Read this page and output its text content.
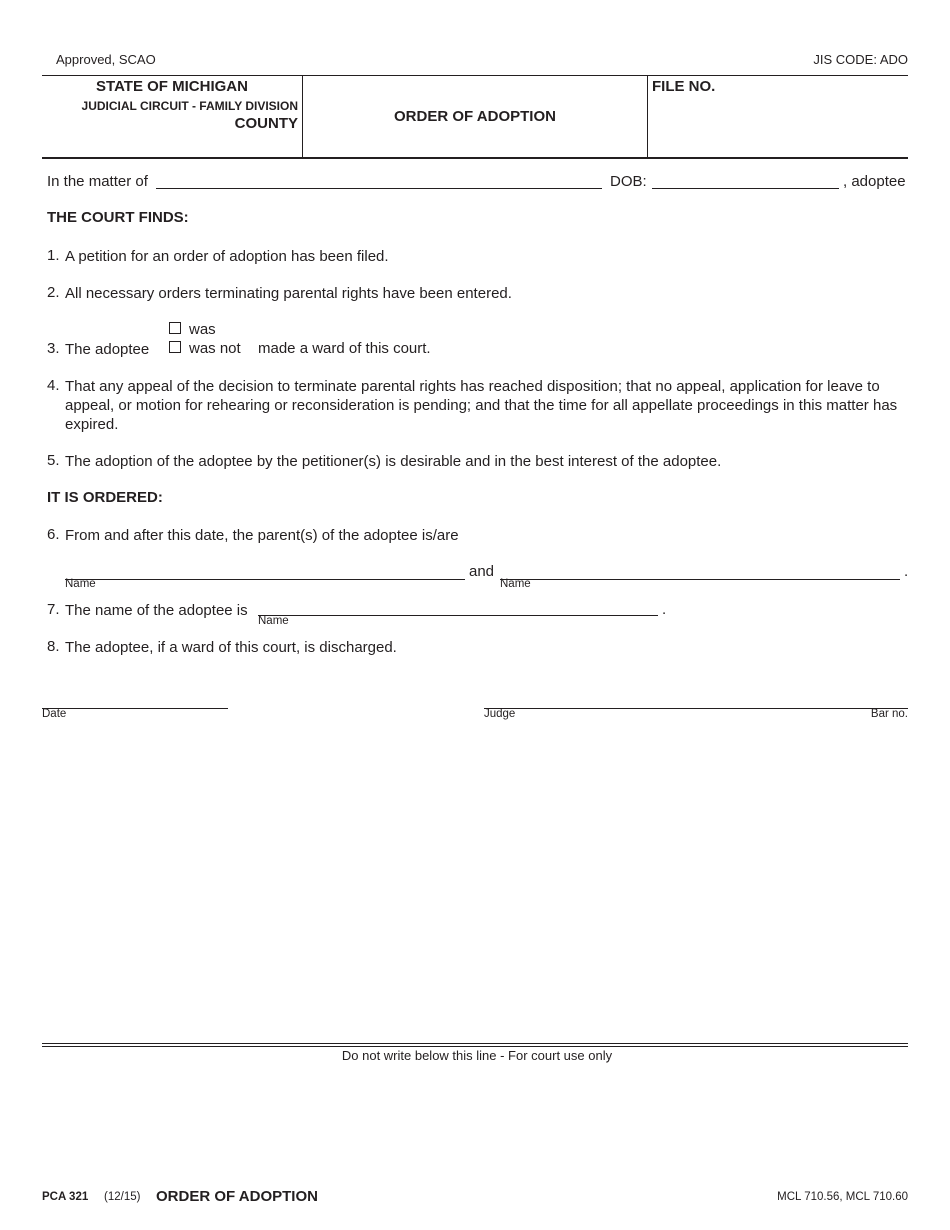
Approved, SCAO	JIS CODE: ADO
STATE OF MICHIGAN
JUDICIAL CIRCUIT - FAMILY DIVISION
COUNTY	ORDER OF ADOPTION
FILE NO.
In the matter of	DOB:	, adoptee
THE COURT FINDS:
1. A petition for an order of adoption has been filed.
2. All necessary orders terminating parental rights have been entered.
3. The adoptee
was
was not made a ward of this court.
4. That any appeal of the decision to terminate parental rights has reached disposition; that no appeal, application for leave to appeal, or motion for rehearing or reconsideration is pending; and that the time for all appellate proceedings in this matter has expired.
5. The adoption of the adoptee by the petitioner(s) is desirable and in the best interest of the adoptee.
IT IS ORDERED:
6. From and after this date, the parent(s) of the adoptee is/are
Name
and
Name
.
7. The name of the adoptee is
Name
.
8. The adoptee, if a ward of this court, is discharged.
Date	Judge	Bar no.
Do not write below this line - For court use only
PCA 321 (12/15) ORDER OF ADOPTION	MCL 710.56, MCL 710.60
